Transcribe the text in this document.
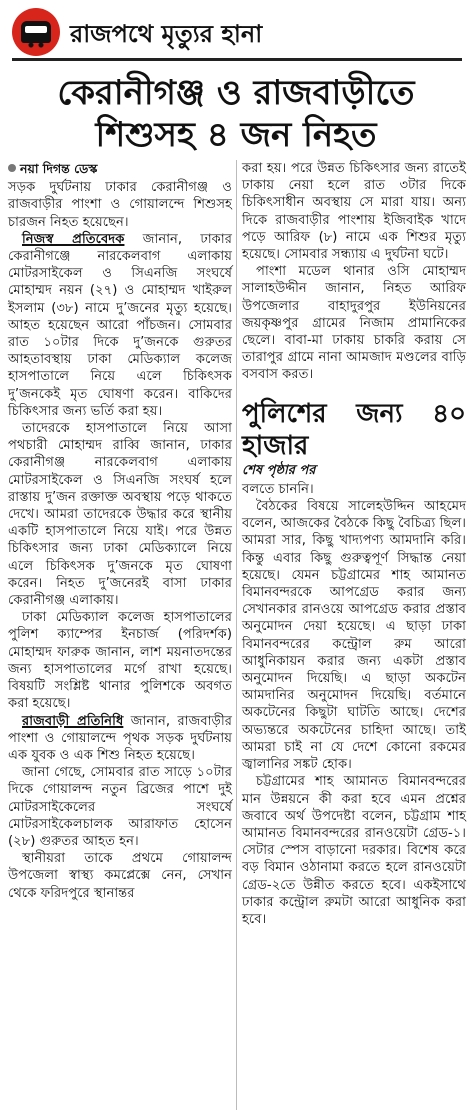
রাজপথে মৃত্যুর হানা
কেরানীগঞ্জ ও রাজবাড়ীতে
শিশুসহ ৪ জন নিহত
নয়া দিগন্ত ডেস্ক

সড়ক দুর্ঘটনায় ঢাকার কেরানীগঞ্জ ও রাজবাড়ীর পাংশা ও গোয়ালন্দে শিশুসহ চারজন নিহত হয়েছেন।

নিজস্ব প্রতিবেদক জানান, ঢাকার কেরানীগঞ্জে নারকেলবাগ এলাকায় মোটরসাইকেল ও সিএনজি সংঘর্ষে মোহাম্মদ নয়ন (২৭) ও মোহাম্মদ খাইরুল ইসলাম (৩৮) নামে দু’জনের মৃত্যু হয়েছে। আহত হয়েছেন আরো পাঁচজন। সোমবার রাত ১০টার দিকে দু’জনকে গুরুতর আহতাবস্থায় ঢাকা মেডিক্যাল কলেজ হাসপাতালে নিয়ে এলে চিকিৎসক দু’জনকেই মৃত ঘোষণা করেন। বাকিদের চিকিৎসার জন্য ভর্তি করা হয়।

তাদেরকে হাসপাতালে নিয়ে আসা পথচারী মোহাম্মদ রাব্বি জানান, ঢাকার কেরানীগঞ্জ নারকেলবাগ এলাকায় মোটরসাইকেল ও সিএনজি সংঘর্ষ হলে রাস্তায় দু’জন রক্তাক্ত অবস্থায় পড়ে থাকতে দেখে। আমরা তাদেরকে উদ্ধার করে স্থানীয় একটি হাসপাতালে নিয়ে যাই। পরে উন্নত চিকিৎসার জন্য ঢাকা মেডিক্যালে নিয়ে এলে চিকিৎসক দু’জনকে মৃত ঘোষণা করেন। নিহত দু’জনেরই বাসা ঢাকার কেরানীগঞ্জ এলাকায়।

ঢাকা মেডিক্যাল কলেজ হাসপাতালের পুলিশ ক্যাম্পের ইনচার্জ (পরিদর্শক) মোহাম্মদ ফারুক জানান, লাশ ময়নাতদন্তের জন্য হাসপাতালের মর্গে রাখা হয়েছে। বিষয়টি সংশ্লিষ্ট থানার পুলিশকে অবগত করা হয়েছে।

রাজবাড়ী প্রতিনিধি জানান, রাজবাড়ীর পাংশা ও গোয়ালন্দে পৃথক সড়ক দুর্ঘটনায় এক যুবক ও এক শিশু নিহত হয়েছে।

জানা গেছে, সোমবার রাত সাড়ে ১০টার দিকে গোয়ালন্দ নতুন ব্রিজের পাশে দুই মোটরসাইকেলের সংঘর্ষে মোটরসাইকেলচালক আরাফাত হোসেন (২৮) গুরুতর আহত হন।

স্থানীয়রা তাকে প্রথমে গোয়ালন্দ উপজেলা স্বাস্থ্য কমপ্লেক্সে নেন, সেখান থেকে ফরিদপুরে স্থানান্তর

করা হয়। পরে উন্নত চিকিৎসার জন্য রাতেই ঢাকায় নেয়া হলে রাত ৩টার দিকে চিকিৎসাধীন অবস্থায় সে মারা যায়। অন্য দিকে রাজবাড়ীর পাংশায় ইজিবাইক খাদে পড়ে আরিফ (৮) নামে এক শিশুর মৃত্যু হয়েছে। সোমবার সন্ধ্যায় এ দুর্ঘটনা ঘটে।

পাংশা মডেল থানার ওসি মোহাম্মদ সালাহউদ্দীন জানান, নিহত আরিফ উপজেলার বাহাদুরপুর ইউনিয়নের জয়কৃষ্ণপুর গ্রামের নিজাম প্রামানিকের ছেলে। বাবা-মা ঢাকায় চাকরি করায় সে তারাপুর গ্রামে নানা আমজাদ মণ্ডলের বাড়ি বসবাস করত।

পুলিশের জন্য ৪০ হাজার
শেষ পৃষ্ঠার পর

বলতে চাননি।

বৈঠকের বিষয়ে সালেহউদ্দিন আহমেদ বলেন, আজকের বৈঠকে কিছু বৈচিত্র্য ছিল। আমরা সার, কিছু খাদ্যপণ্য আমদানি করি। কিন্তু এবার কিছু গুরুত্বপূর্ণ সিদ্ধান্ত নেয়া হয়েছে। যেমন চট্টগ্রামের শাহ আমানত বিমানবন্দরকে আপগ্রেড করার জন্য সেখানকার রানওয়ে আপগ্রেড করার প্রস্তাব অনুমোদন দেয়া হয়েছে। এ ছাড়া ঢাকা বিমানবন্দরের কন্ট্রোল রুম আরো আধুনিকায়ন করার জন্য একটা প্রস্তাব অনুমোদন দিয়েছি। এ ছাড়া অকটেন আমদানির অনুমোদন দিয়েছি। বর্তমানে অকটেনের কিছুটা ঘাটতি আছে। দেশের অভ্যন্তরে অকটেনের চাহিদা আছে। তাই আমরা চাই না যে দেশে কোনো রকমের জ্বালানির সঙ্কট হোক।

চট্টগ্রামের শাহ আমানত বিমানবন্দরের মান উন্নয়নে কী করা হবে এমন প্রশ্নের জবাবে অর্থ উপদেষ্টা বলেন, চট্টগ্রাম শাহ আমানত বিমানবন্দরের রানওয়েটা গ্রেড-১। সেটার স্পেস বাড়ানো দরকার। বিশেষ করে বড় বিমান ওঠানামা করতে হলে রানওয়েটা গ্রেড-২তে উন্নীত করতে হবে। একইসাথে ঢাকার কন্ট্রোল রুমটা আরো আধুনিক করা হবে।
